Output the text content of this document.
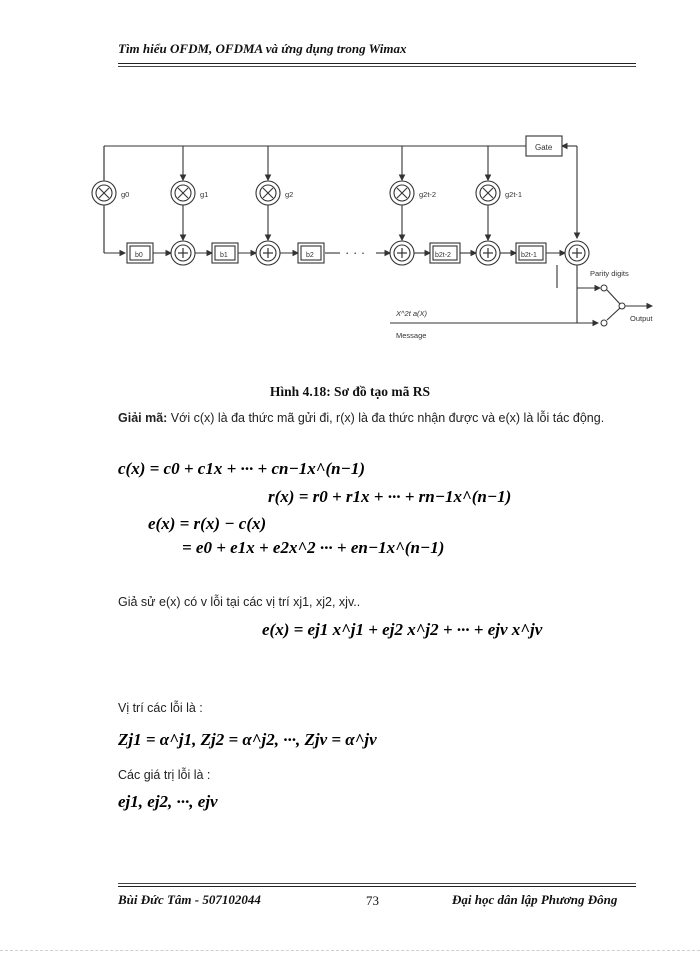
Tìm hiểu OFDM, OFDMA và ứng dụng trong Wimax
Gate
g0	g1	g2	g2t-2	g2t-1
b0	b1	b2	b2t-2	b2t-1
· · ·
Parity digits
Output
X^2t a(X)
Message
Hình 4.18: Sơ đồ tạo mã RS
Giải mã: Với c(x) là đa thức mã gửi đi, r(x) là đa thức nhận được và e(x) là lỗi tác động.
c(x) = c0 + c1x + ··· + cn−1x^(n−1)
r(x) = r0 + r1x + ··· + rn−1x^(n−1)
e(x) = r(x) − c(x)
= e0 + e1x + e2x^2 ··· + en−1x^(n−1)
Giả sử e(x) có v lỗi tại các vị trí xj1, xj2, xjv..
e(x) = ej1 x^j1 + ej2 x^j2 + ··· + ejv x^jv
Vị trí các lỗi là :
Zj1 = α^j1, Zj2 = α^j2, ···, Zjv = α^jv
Các giá trị lỗi là :
ej1, ej2, ···, ejv
Bùi Đức Tâm - 507102044	73	Đại học dân lập Phương Đông
